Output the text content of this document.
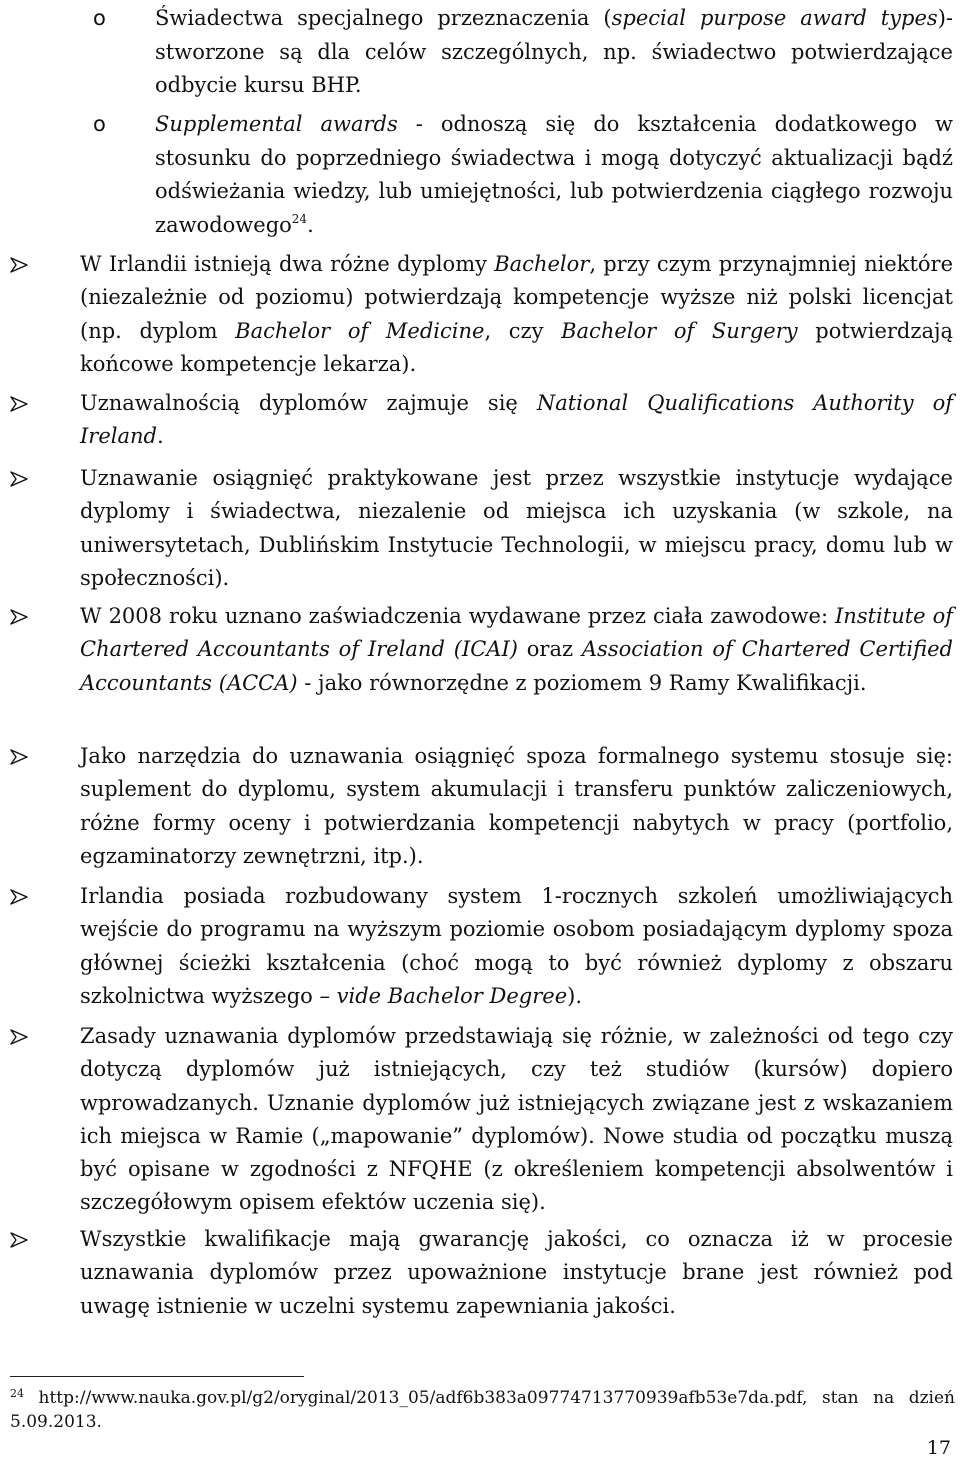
o Świadectwa specjalnego przeznaczenia (special purpose award types)- stworzone są dla celów szczególnych, np. świadectwo potwierdzające odbycie kursu BHP.
o Supplemental awards - odnoszą się do kształcenia dodatkowego w stosunku do poprzedniego świadectwa i mogą dotyczyć aktualizacji bądź odświeżania wiedzy, lub umiejętności, lub potwierdzenia ciągłego rozwoju zawodowego$^{24}$.
W Irlandii istnieją dwa różne dyplomy Bachelor, przy czym przynajmniej niektóre (niezależnie od poziomu) potwierdzają kompetencje wyższe niż polski licencjat (np. dyplom Bachelor of Medicine, czy Bachelor of Surgery potwierdzają końcowe kompetencje lekarza).
Uznawalnością dyplomów zajmuje się National Qualifications Authority of Ireland.
Uznawanie osiągnięć praktykowane jest przez wszystkie instytucje wydające dyplomy i świadectwa, niezalenie od miejsca ich uzyskania (w szkole, na uniwersytetach, Dublińskim Instytucie Technologii, w miejscu pracy, domu lub w społeczności).
W 2008 roku uznano zaświadczenia wydawane przez ciała zawodowe: Institute of Chartered Accountants of Ireland (ICAI) oraz Association of Chartered Certified Accountants (ACCA) - jako równorzędne z poziomem 9 Ramy Kwalifikacji.
Jako narzędzia do uznawania osiągnięć spoza formalnego systemu stosuje się: suplement do dyplomu, system akumulacji i transferu punktów zaliczeniowych, różne formy oceny i potwierdzania kompetencji nabytych w pracy (portfolio, egzaminatorzy zewnętrzni, itp.).
Irlandia posiada rozbudowany system 1-rocznych szkoleń umożliwiających wejście do programu na wyższym poziomie osobom posiadającym dyplomy spoza głównej ścieżki kształcenia (choć mogą to być również dyplomy z obszaru szkolnictwa wyższego – vide Bachelor Degree).
Zasady uznawania dyplomów przedstawiają się różnie, w zależności od tego czy dotyczą dyplomów już istniejących, czy też studiów (kursów) dopiero wprowadzanych. Uznanie dyplomów już istniejących związane jest z wskazaniem ich miejsca w Ramie („mapowanie” dyplomów). Nowe studia od początku muszą być opisane w zgodności z NFQHE (z określeniem kompetencji absolwentów i szczegółowym opisem efektów uczenia się).
Wszystkie kwalifikacje mają gwarancję jakości, co oznacza iż w procesie uznawania dyplomów przez upoważnione instytucje brane jest również pod uwagę istnienie w uczelni systemu zapewniania jakości.
$^{24}$ http://www.nauka.gov.pl/g2/oryginal/2013_05/adf6b383a09774713770939afb53e7da.pdf, stan na dzień 5.09.2013.
17
